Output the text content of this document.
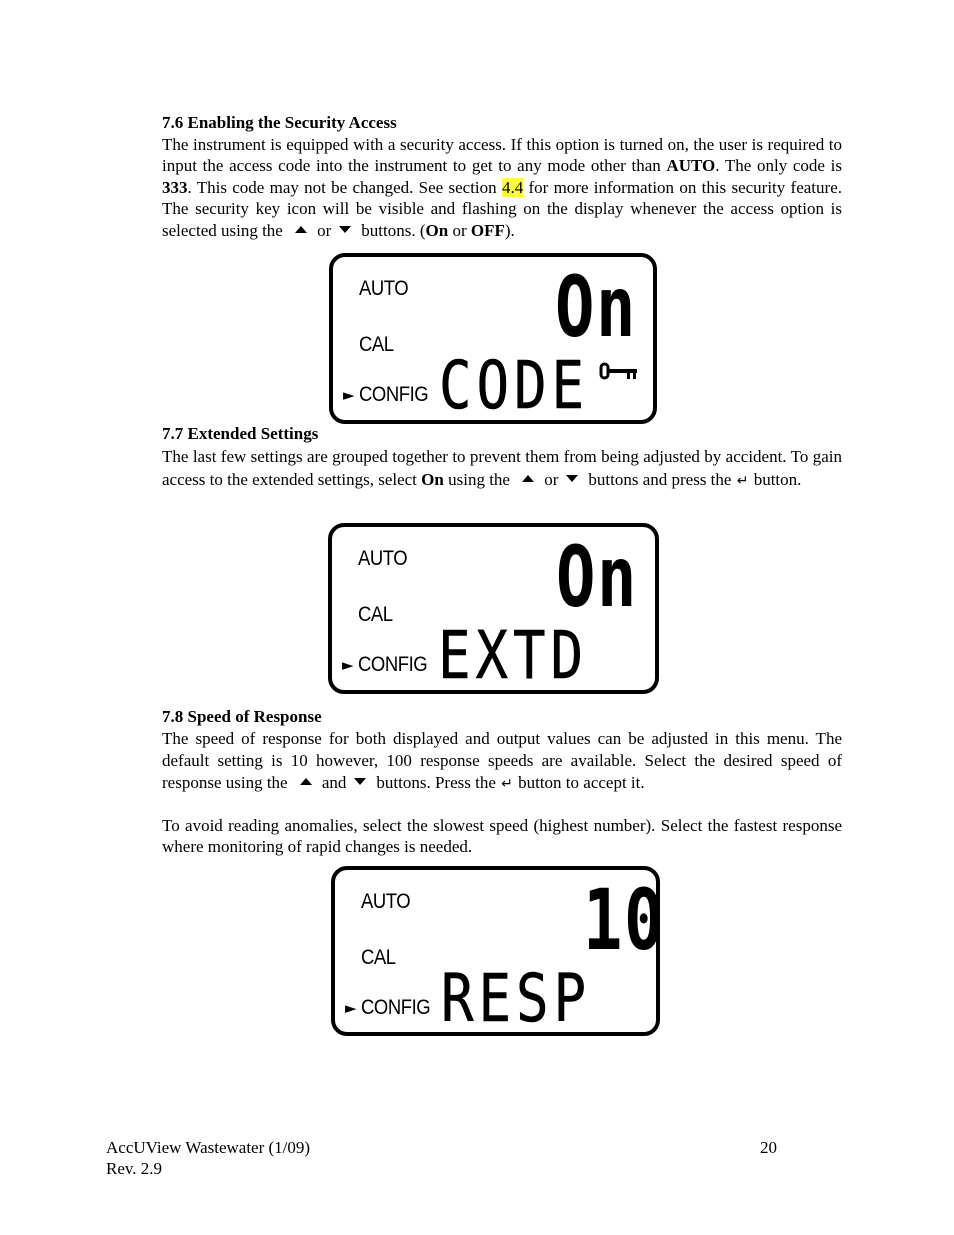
7.6 Enabling the Security Access

The instrument is equipped with a security access. If this option is turned on, the user is required to input the access code into the instrument to get to any mode other than AUTO. The only code is 333. This code may not be changed. See section 4.4 for more information on this security feature. The security key icon will be visible and flashing on the display whenever the access option is selected using the or buttons. (On or OFF).

AUTO
CAL
► CONFIG
On
CODE
7.7 Extended Settings

The last few settings are grouped together to prevent them from being adjusted by accident. To gain access to the extended settings, select On using the or buttons and press the ↵ button.

AUTO
CAL
► CONFIG
On
EXTD
7.8 Speed of Response

The speed of response for both displayed and output values can be adjusted in this menu. The default setting is 10 however, 100 response speeds are available. Select the desired speed of response using the and buttons. Press the ↵ button to accept it.

To avoid reading anomalies, select the slowest speed (highest number). Select the fastest response where monitoring of rapid changes is needed.

AUTO
CAL
► CONFIG
10
RESP
AccUView Wastewater (1/09)
Rev. 2.9
20
